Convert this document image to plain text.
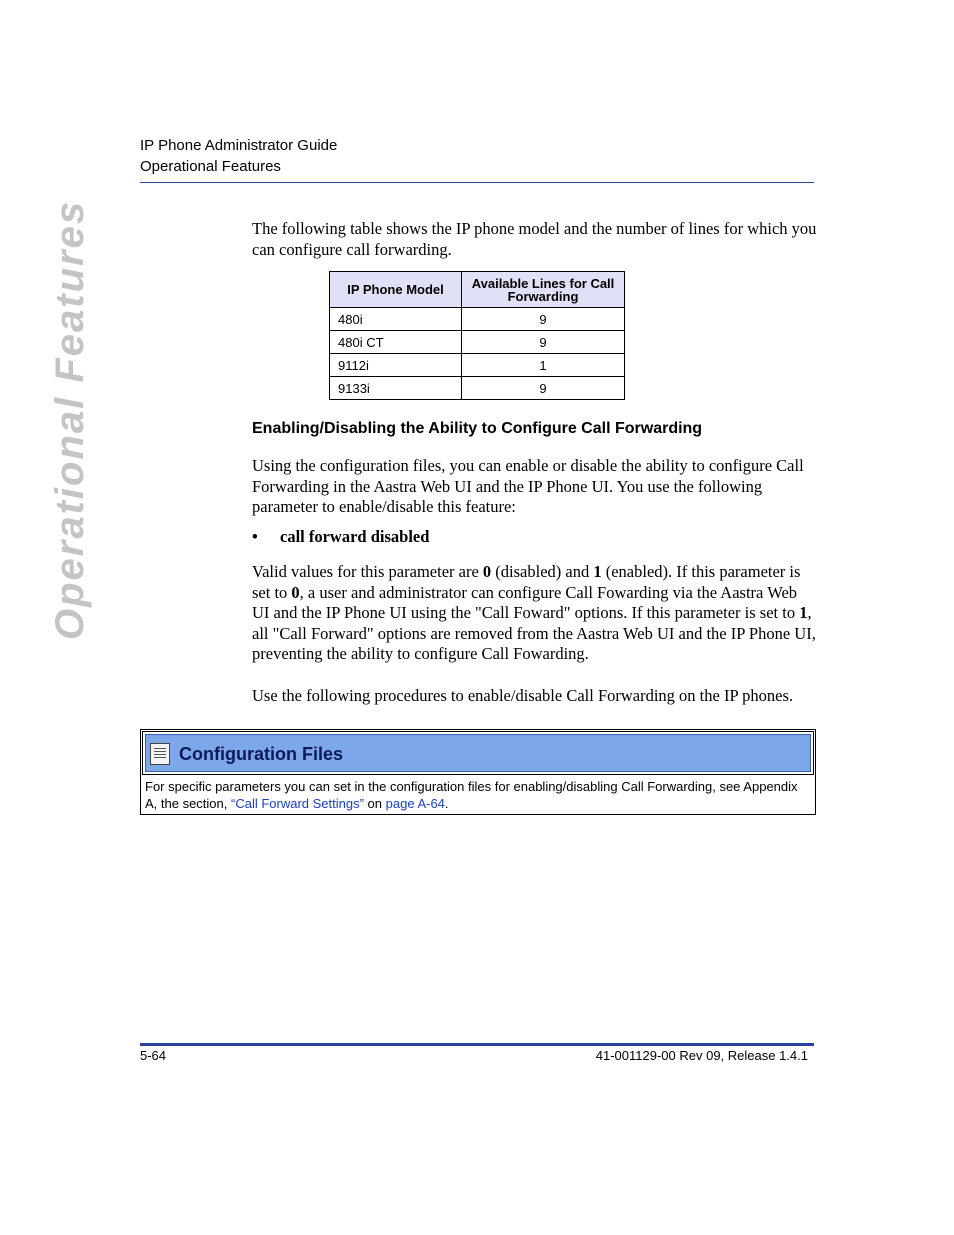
IP Phone Administrator Guide
Operational Features
Operational Features	The following table shows the IP phone model and the number of lines for which you can configure call forwarding.

IP Phone Model	Available Lines for Call Forwarding
480i	9
480i CT	9
9112i	1
9133i	9
Enabling/Disabling the Ability to Configure Call Forwarding

Using the configuration files, you can enable or disable the ability to configure Call Forwarding in the Aastra Web UI and the IP Phone UI. You use the following parameter to enable/disable this feature:

• call forward disabled

Valid values for this parameter are 0 (disabled) and 1 (enabled). If this parameter is set to 0, a user and administrator can configure Call Fowarding via the Aastra Web UI and the IP Phone UI using the "Call Foward" options. If this parameter is set to 1, all "Call Forward" options are removed from the Aastra Web UI and the IP Phone UI, preventing the ability to configure Call Fowarding.

Use the following procedures to enable/disable Call Forwarding on the IP phones.

Configuration Files
For specific parameters you can set in the configuration files for enabling/disabling Call Forwarding, see Appendix A, the section, “Call Forward Settings” on page A-64.
5-64	41-001129-00 Rev 09, Release 1.4.1
